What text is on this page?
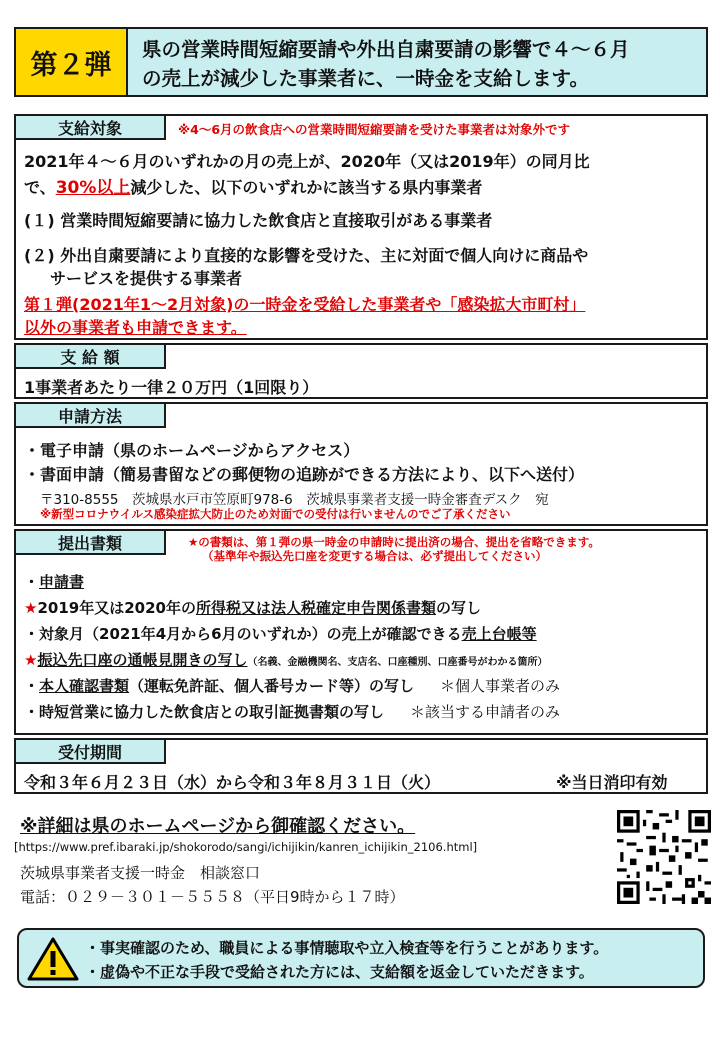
第２弾	県の営業時間短縮要請や外出自粛要請の影響で４～６月
の売上が減少した事業者に、一時金を支給します。
支給対象	※4～6月の飲食店への営業時間短縮要請を受けた事業者は対象外です
2021年４～６月のいずれかの月の売上が、2020年（又は2019年）の同月比
で、30%以上減少した、以下のいずれかに該当する県内事業者
(１) 営業時間短縮要請に協力した飲食店と直接取引がある事業者
(２) 外出自粛要請により直接的な影響を受けた、主に対面で個人向けに商品や
サービスを提供する事業者
第１弾(2021年1～2月対象)の一時金を受給した事業者や「感染拡大市町村」
以外の事業者も申請できます。
支 給 額
1事業者あたり一律２０万円（1回限り）
申請方法
・電子申請（県のホームページからアクセス）
・書面申請（簡易書留などの郵便物の追跡ができる方法により、以下へ送付）
〒310-8555　茨城県水戸市笠原町978-6　茨城県事業者支援一時金審査デスク　宛
※新型コロナウイルス感染症拡大防止のため対面での受付は行いませんのでご了承ください
提出書類	★の書類は、第１弾の県一時金の申請時に提出済の場合、提出を省略できます。
（基準年や振込先口座を変更する場合は、必ず提出してください）
・申請書
★2019年又は2020年の所得税又は法人税確定申告関係書類の写し
・対象月（2021年4月から6月のいずれか）の売上が確認できる売上台帳等
★振込先口座の通帳見開きの写し（名義、金融機関名、支店名、口座種別、口座番号がわかる箇所）
・本人確認書類（運転免許証、個人番号カード等）の写し ＊個人事業者のみ
・時短営業に協力した飲食店との取引証拠書類の写し ＊該当する申請者のみ
受付期間
令和３年６月２３日（水）から令和３年８月３１日（火）	※当日消印有効
※詳細は県のホームページから御確認ください。
[https://www.pref.ibaraki.jp/shokorodo/sangi/ichijikin/kanren_ichijikin_2106.html]
茨城県事業者支援一時金　相談窓口
電話：０２９－３０１－５５５８（平日9時から１７時）
・事実確認のため、職員による事情聴取や立入検査等を行うことがあります。
・虚偽や不正な手段で受給された方には、支給額を返金していただきます。
